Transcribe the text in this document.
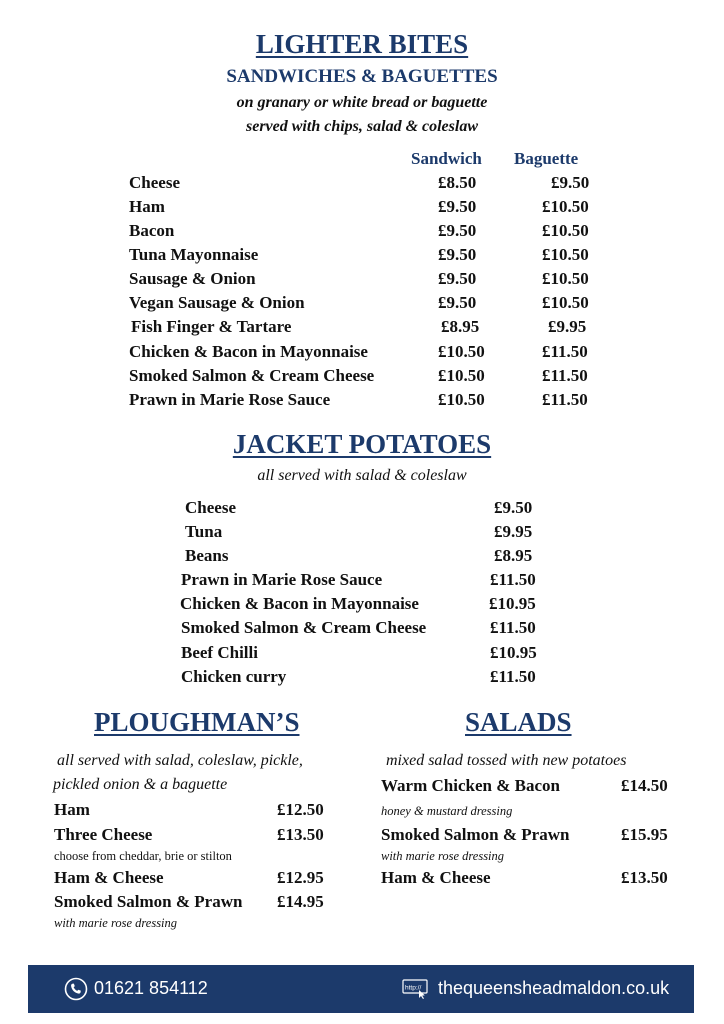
LIGHTER BITES
SANDWICHES & BAGUETTES
on granary or white bread or baguette
served with chips, salad & coleslaw
Sandwich Baguette
Cheese	£8.50	£9.50
Ham	£9.50	£10.50
Bacon	£9.50	£10.50
Tuna Mayonnaise	£9.50	£10.50
Sausage & Onion	£9.50	£10.50
Vegan Sausage & Onion	£9.50	£10.50
Fish Finger & Tartare	£8.95	£9.95
Chicken & Bacon in Mayonnaise	£10.50	£11.50
Smoked Salmon & Cream Cheese	£10.50	£11.50
Prawn in Marie Rose Sauce	£10.50	£11.50
JACKET POTATOES
all served with salad & coleslaw
Cheese	£9.50
Tuna	£9.95
Beans	£8.95
Prawn in Marie Rose Sauce	£11.50
Chicken & Bacon in Mayonnaise	£10.95
Smoked Salmon & Cream Cheese	£11.50
Beef Chilli	£10.95
Chicken curry	£11.50
PLOUGHMAN’S
all served with salad, coleslaw, pickle,
pickled onion & a baguette
Ham	£12.50
Three Cheese	£13.50
choose from cheddar, brie or stilton
Ham & Cheese	£12.95
Smoked Salmon & Prawn £14.95
with marie rose dressing
SALADS
mixed salad tossed with new potatoes
Warm Chicken & Bacon	£14.50
honey & mustard dressing
Smoked Salmon & Prawn	£15.95
with marie rose dressing
Ham & Cheese	£13.50
01621 854112	http:// thequeensheadmaldon.co.uk
